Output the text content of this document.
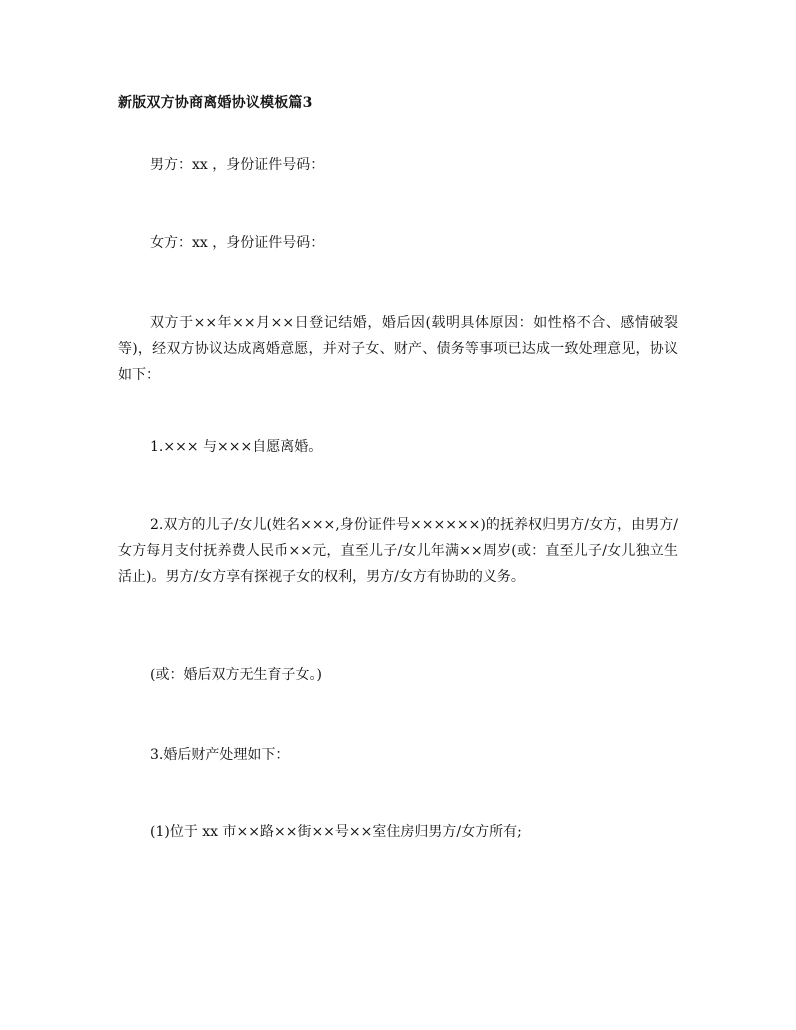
新版双方协商离婚协议模板篇3

男方：xx ，身份证件号码：

女方：xx ，身份证件号码：

双方于××年××月××日登记结婚，婚后因(载明具体原因：如性格不合、感情破裂等)，经双方协议达成离婚意愿，并对子女、财产、债务等事项已达成一致处理意见，协议如下：

1.××× 与×××自愿离婚。

2.双方的儿子/女儿(姓名×××,身份证件号××××××)的抚养权归男方/女方，由男方/女方每月支付抚养费人民币××元，直至儿子/女儿年满××周岁(或：直至儿子/女儿独立生活止)。男方/女方享有探视子女的权利，男方/女方有协助的义务。

(或：婚后双方无生育子女。)

3.婚后财产处理如下：

(1)位于 xx 市××路××街××号××室住房归男方/女方所有;
